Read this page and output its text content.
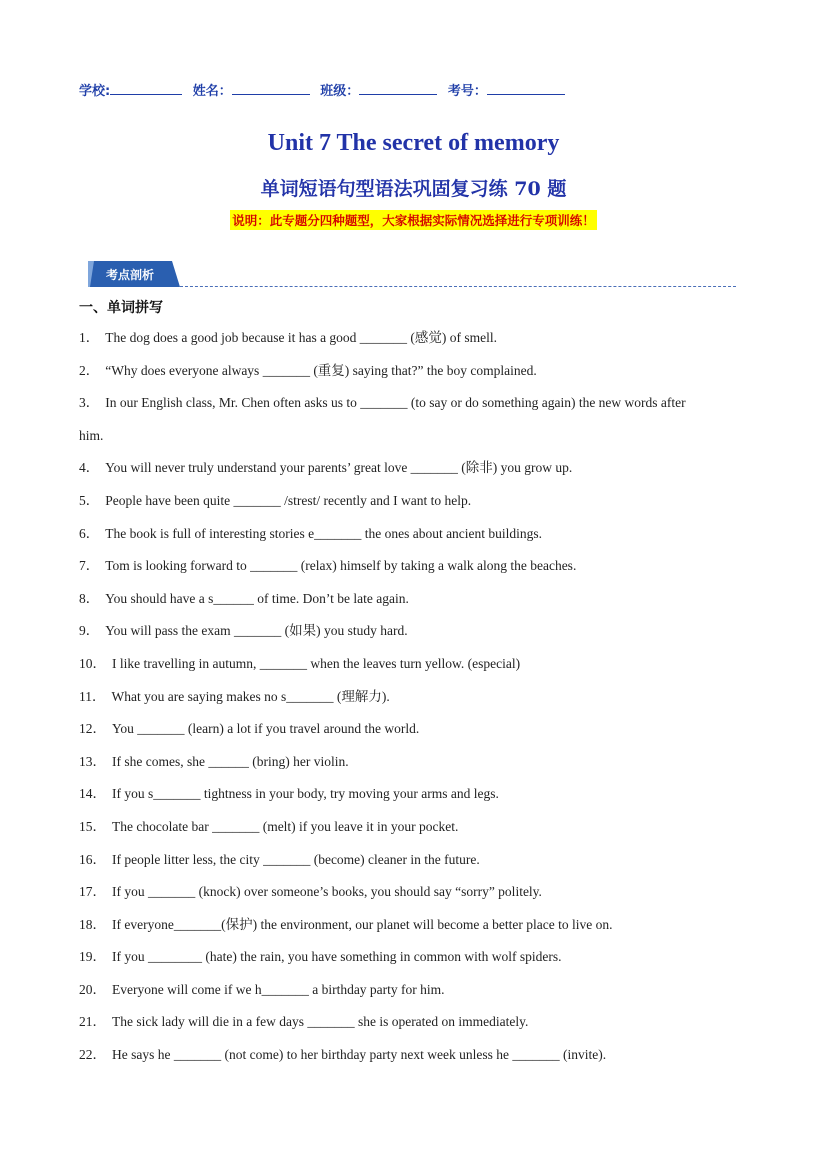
学校:	姓名：	班级：	考号：
Unit 7 The secret of memory
单词短语句型语法巩固复习练 70 题
说明：此专题分四种题型，大家根据实际情况选择进行专项训练！
考点剖析
一、单词拼写

1． The dog does a good job because it has a good _______ (感觉) of smell.

2． “Why does everyone always _______ (重复) saying that?” the boy complained.

3． In our English class, Mr. Chen often asks us to _______ (to say or do something again) the new words after

him.

4． You will never truly understand your parents’ great love _______ (除非) you grow up.

5． People have been quite _______ /strest/ recently and I want to help.

6． The book is full of interesting stories e_______ the ones about ancient buildings.

7． Tom is looking forward to _______ (relax) himself by taking a walk along the beaches.

8． You should have a s______ of time. Don’t be late again.

9． You will pass the exam _______ (如果) you study hard.

10． I like travelling in autumn, _______ when the leaves turn yellow. (especial)

11． What you are saying makes no s_______ (理解力).

12． You _______ (learn) a lot if you travel around the world.

13． If she comes, she ______ (bring) her violin.

14． If you s_______ tightness in your body, try moving your arms and legs.

15． The chocolate bar _______ (melt) if you leave it in your pocket.

16． If people litter less, the city _______ (become) cleaner in the future.

17． If you _______ (knock) over someone’s books, you should say “sorry” politely.

18． If everyone_______(保护) the environment, our planet will become a better place to live on.

19． If you ________ (hate) the rain, you have something in common with wolf spiders.

20． Everyone will come if we h_______ a birthday party for him.

21． The sick lady will die in a few days _______ she is operated on immediately.

22． He says he _______ (not come) to her birthday party next week unless he _______ (invite).
